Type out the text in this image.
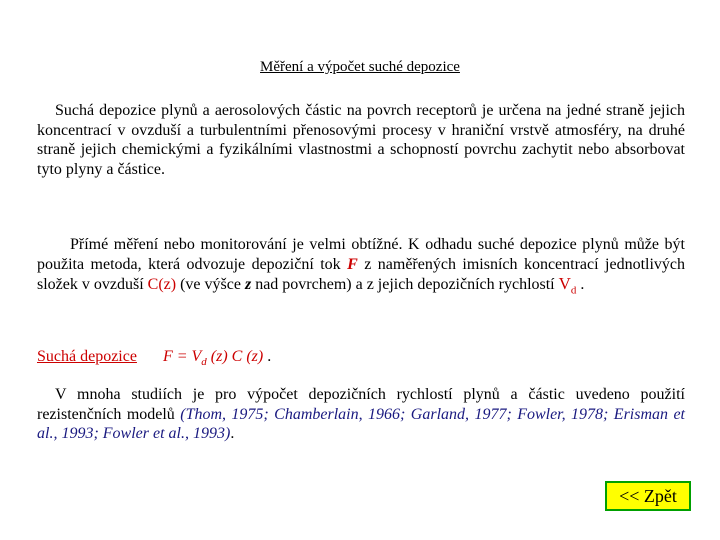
Měření a výpočet suché depozice

Suchá depozice plynů a aerosolových částic na povrch receptorů je určena na jedné straně jejich koncentrací v ovzduší a turbulentními přenosovými procesy v hraniční vrstvě atmosféry, na druhé straně jejich chemickými a fyzikálními vlastnostmi a schopností povrchu zachytit nebo absorbovat tyto plyny a částice.

Přímé měření nebo monitorování je velmi obtížné. K odhadu suché depozice plynů může být použita metoda, která odvozuje depoziční tok F z naměřených imisních koncentrací jednotlivých složek v ovzduší C(z) (ve výšce z nad povrchem) a z jejich depozičních rychlostí $V_d$ .

Suchá depozice $F = V_d$ (z) C (z) .

V mnoha studiích je pro výpočet depozičních rychlostí plynů a částic uvedeno použití rezistenčních modelů (Thom, 1975; Chamberlain, 1966; Garland, 1977; Fowler, 1978; Erisman et al., 1993; Fowler et al., 1993).

<< Zpět
